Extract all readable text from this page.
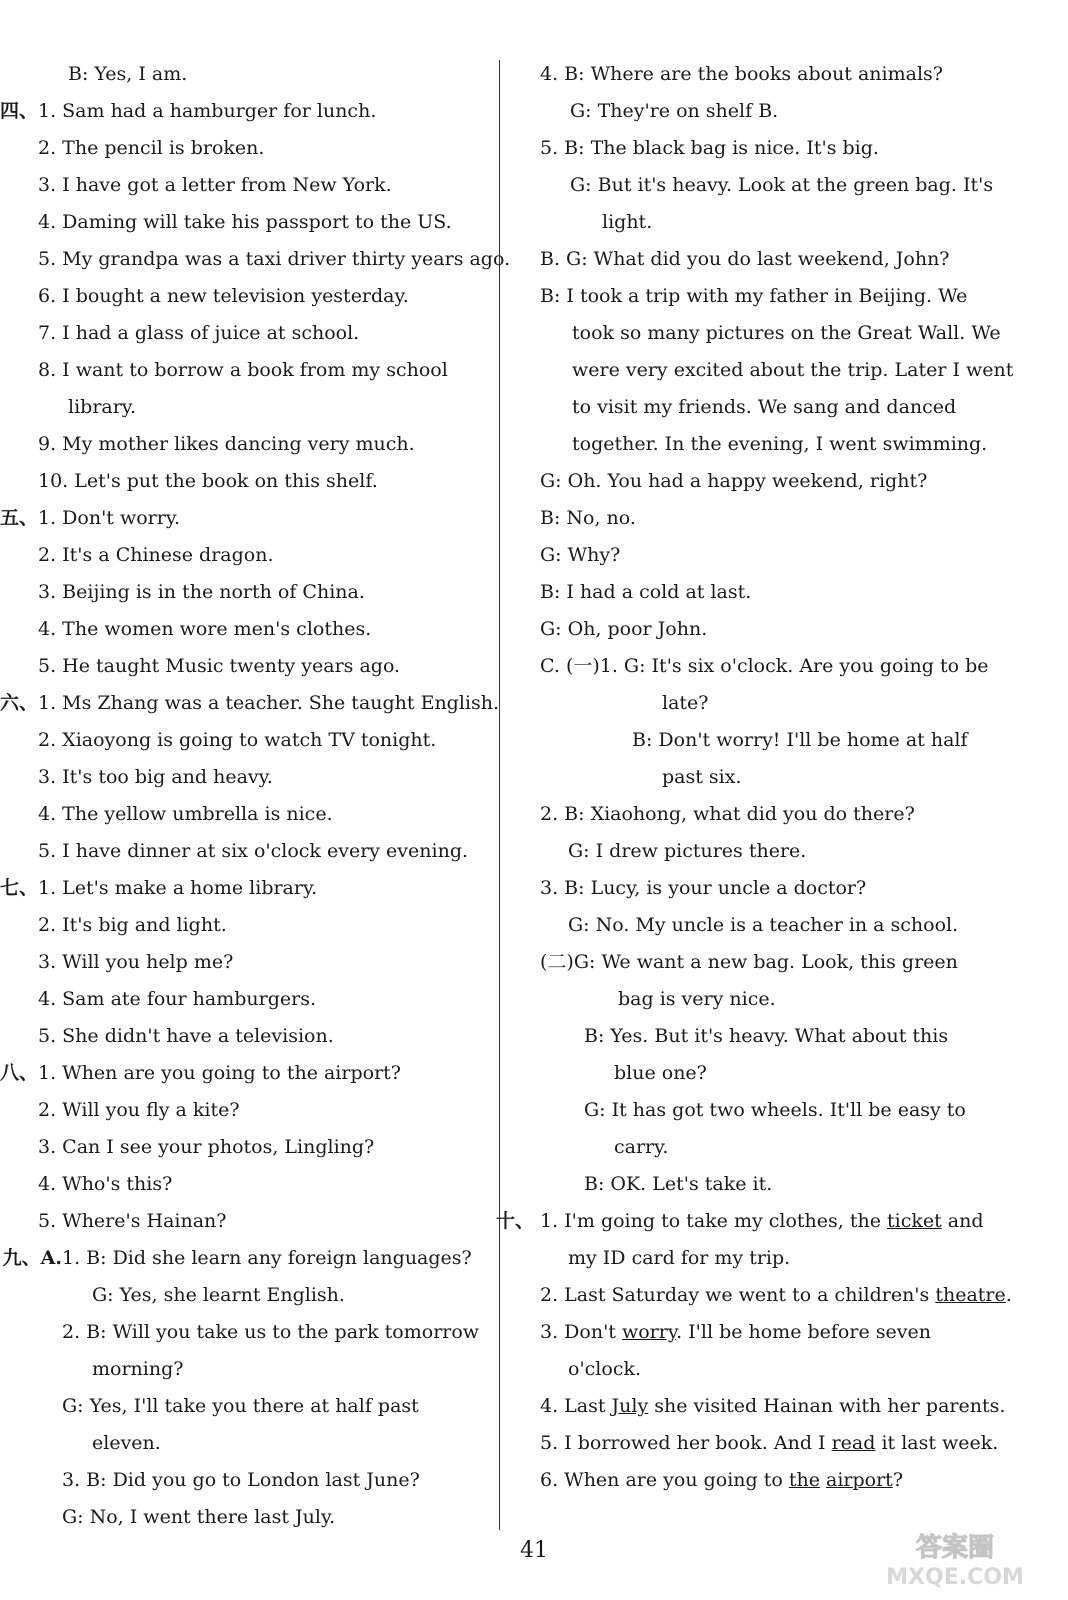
B: Yes, I am.
四、1. Sam had a hamburger for lunch.
2. The pencil is broken.
3. I have got a letter from New York.
4. Daming will take his passport to the US.
5. My grandpa was a taxi driver thirty years ago.
6. I bought a new television yesterday.
7. I had a glass of juice at school.
8. I want to borrow a book from my school
library.
9. My mother likes dancing very much.
10. Let's put the book on this shelf.
五、1. Don't worry.
2. It's a Chinese dragon.
3. Beijing is in the north of China.
4. The women wore men's clothes.
5. He taught Music twenty years ago.
六、1. Ms Zhang was a teacher. She taught English.
2. Xiaoyong is going to watch TV tonight.
3. It's too big and heavy.
4. The yellow umbrella is nice.
5. I have dinner at six o'clock every evening.
七、1. Let's make a home library.
2. It's big and light.
3. Will you help me?
4. Sam ate four hamburgers.
5. She didn't have a television.
八、1. When are you going to the airport?
2. Will you fly a kite?
3. Can I see your photos, Lingling?
4. Who's this?
5. Where's Hainan?
九、A.1. B: Did she learn any foreign languages?
G: Yes, she learnt English.
2. B: Will you take us to the park tomorrow
morning?
G: Yes, I'll take you there at half past
eleven.
3. B: Did you go to London last June?
G: No, I went there last July.
4. B: Where are the books about animals?
G: They're on shelf B.
5. B: The black bag is nice. It's big.
G: But it's heavy. Look at the green bag. It's
light.
B. G: What did you do last weekend, John?
B: I took a trip with my father in Beijing. We
took so many pictures on the Great Wall. We
were very excited about the trip. Later I went
to visit my friends. We sang and danced
together. In the evening, I went swimming.
G: Oh. You had a happy weekend, right?
B: No, no.
G: Why?
B: I had a cold at last.
G: Oh, poor John.
C. (一)1. G: It's six o'clock. Are you going to be
late?
B: Don't worry! I'll be home at half
past six.
2. B: Xiaohong, what did you do there?
G: I drew pictures there.
3. B: Lucy, is your uncle a doctor?
G: No. My uncle is a teacher in a school.
(二)G: We want a new bag. Look, this green
bag is very nice.
B: Yes. But it's heavy. What about this
blue one?
G: It has got two wheels. It'll be easy to
carry.
B: OK. Let's take it.
十、 1. I'm going to take my clothes, the ticket and
my ID card for my trip.
2. Last Saturday we went to a children's theatre.
3. Don't worry. I'll be home before seven
o'clock.
4. Last July she visited Hainan with her parents.
5. I borrowed her book. And I read it last week.
6. When are you going to the airport?
41	答案圈
MXQE.COM
